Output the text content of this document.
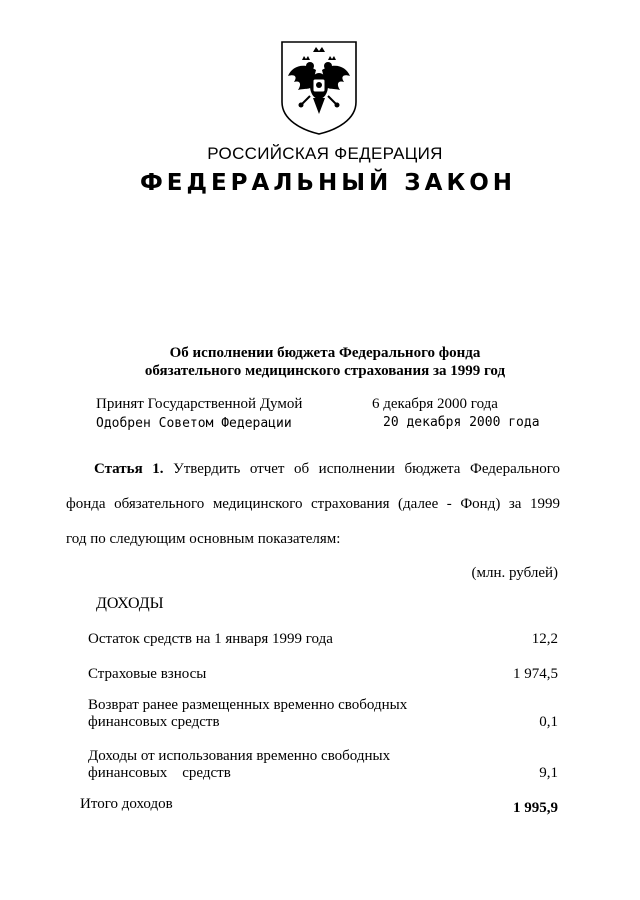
РОССИЙСКАЯ ФЕДЕРАЦИЯ
ФЕДЕРАЛЬНЫЙ ЗАКОН
Об исполнении бюджета Федерального фонда
обязательного медицинского страхования за 1999 год
Принят Государственной Думой	6 декабря 2000 года
Одобрен Советом Федерации	20 декабря 2000 года
Статья 1. Утвердить отчет об исполнении бюджета Федерального
фонда обязательного медицинского страхования (далее - Фонд) за 1999
год по следующим основным показателям:
(млн. рублей)
ДОХОДЫ
Остаток средств на 1 января 1999 года	12,2
Страховые взносы	1 974,5
Возврат ранее размещенных временно свободных
финансовых средств	0,1
Доходы от использования временно свободных
финансовых    средств	9,1
Итого доходов	1 995,9
